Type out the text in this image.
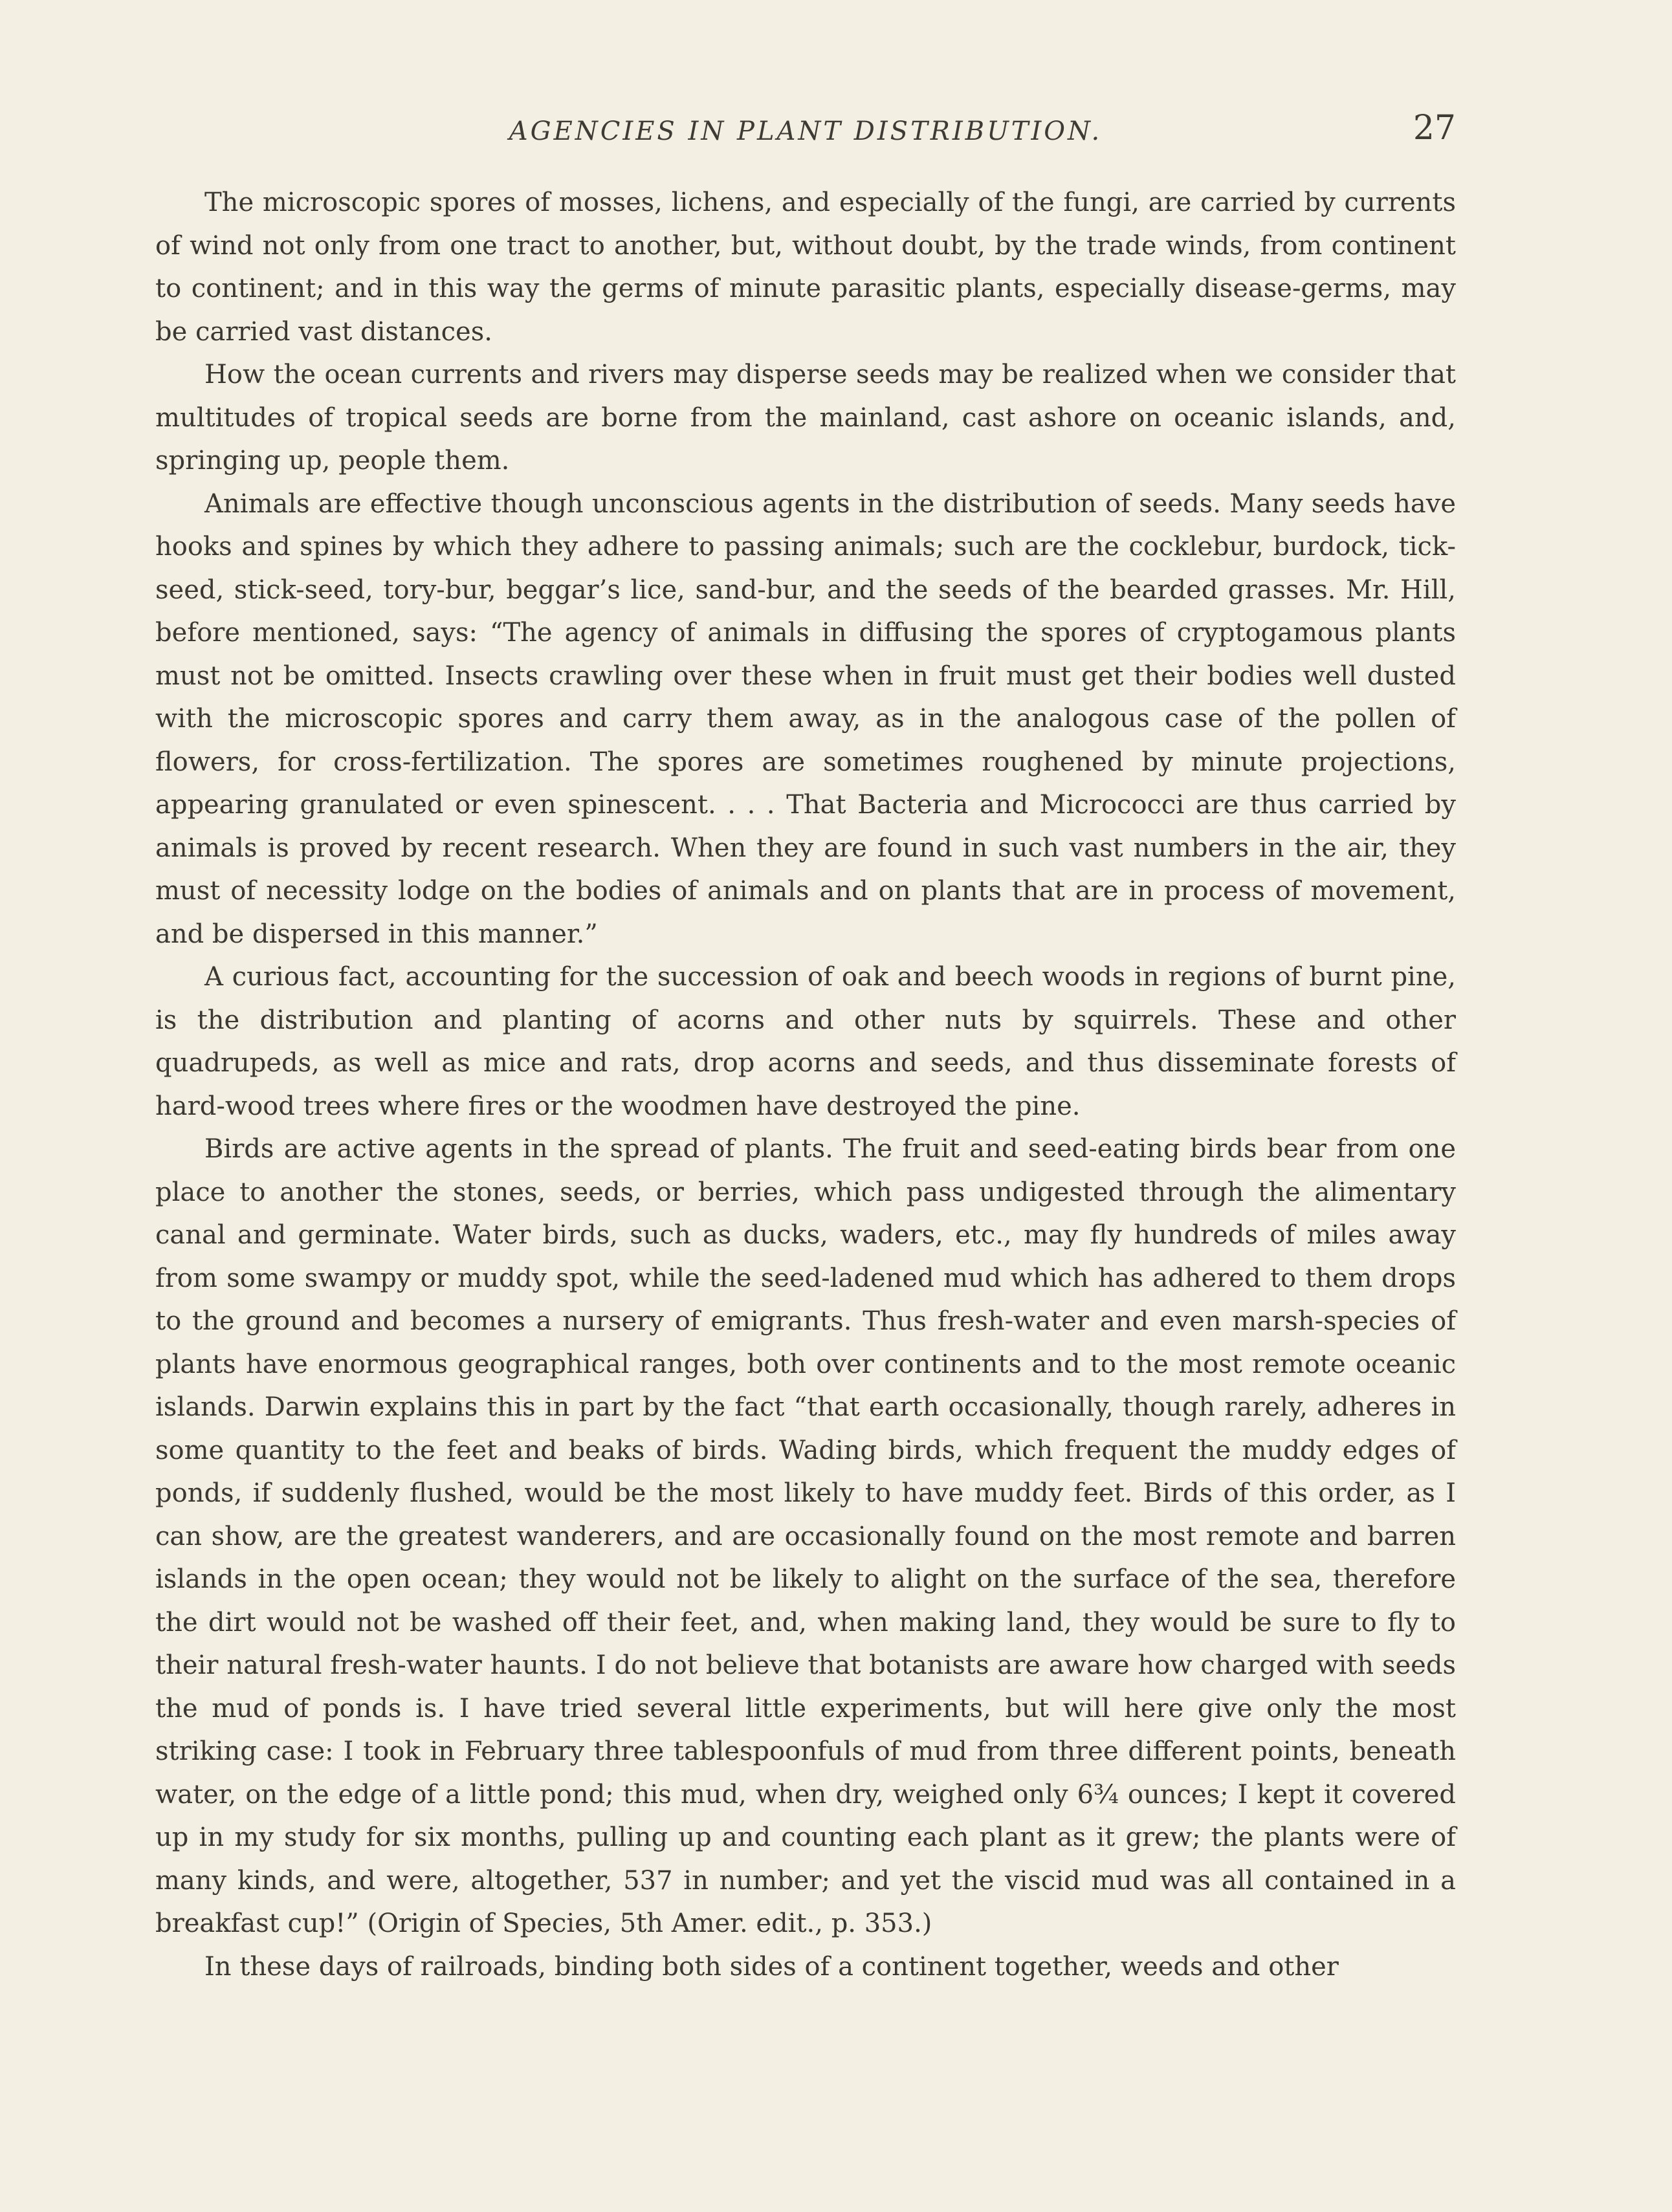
AGENCIES IN PLANT DISTRIBUTION.	27

The microscopic spores of mosses, lichens, and especially of the fungi, are carried by currents of wind not only from one tract to another, but, without doubt, by the trade winds, from continent to continent; and in this way the germs of minute parasitic plants, especially disease-germs, may be carried vast distances.

How the ocean currents and rivers may disperse seeds may be realized when we consider that multitudes of tropical seeds are borne from the mainland, cast ashore on oceanic islands, and, springing up, people them.

Animals are effective though unconscious agents in the distribution of seeds. Many seeds have hooks and spines by which they adhere to passing animals; such are the cocklebur, burdock, tick-seed, stick-seed, tory-bur, beggar’s lice, sand-bur, and the seeds of the bearded grasses. Mr. Hill, before mentioned, says: “The agency of animals in diffusing the spores of cryptogamous plants must not be omitted. Insects crawling over these when in fruit must get their bodies well dusted with the microscopic spores and carry them away, as in the analogous case of the pollen of flowers, for cross-fertilization. The spores are sometimes roughened by minute projections, appearing granulated or even spinescent. . . . That Bacteria and Micrococci are thus carried by animals is proved by recent research. When they are found in such vast numbers in the air, they must of necessity lodge on the bodies of animals and on plants that are in process of movement, and be dispersed in this manner.”

A curious fact, accounting for the succession of oak and beech woods in regions of burnt pine, is the distribution and planting of acorns and other nuts by squirrels. These and other quadrupeds, as well as mice and rats, drop acorns and seeds, and thus disseminate forests of hard-wood trees where fires or the woodmen have destroyed the pine.

Birds are active agents in the spread of plants. The fruit and seed-eating birds bear from one place to another the stones, seeds, or berries, which pass undigested through the alimentary canal and germinate. Water birds, such as ducks, waders, etc., may fly hundreds of miles away from some swampy or muddy spot, while the seed-ladened mud which has adhered to them drops to the ground and becomes a nursery of emigrants. Thus fresh-water and even marsh-species of plants have enormous geographical ranges, both over continents and to the most remote oceanic islands. Darwin explains this in part by the fact “that earth occasionally, though rarely, adheres in some quantity to the feet and beaks of birds. Wading birds, which frequent the muddy edges of ponds, if suddenly flushed, would be the most likely to have muddy feet. Birds of this order, as I can show, are the greatest wanderers, and are occasionally found on the most remote and barren islands in the open ocean; they would not be likely to alight on the surface of the sea, therefore the dirt would not be washed off their feet, and, when making land, they would be sure to fly to their natural fresh-water haunts. I do not believe that botanists are aware how charged with seeds the mud of ponds is. I have tried several little experiments, but will here give only the most striking case: I took in February three tablespoonfuls of mud from three different points, beneath water, on the edge of a little pond; this mud, when dry, weighed only 6¾ ounces; I kept it covered up in my study for six months, pulling up and counting each plant as it grew; the plants were of many kinds, and were, altogether, 537 in number; and yet the viscid mud was all contained in a breakfast cup!” (Origin of Species, 5th Amer. edit., p. 353.)

In these days of railroads, binding both sides of a continent together, weeds and other
